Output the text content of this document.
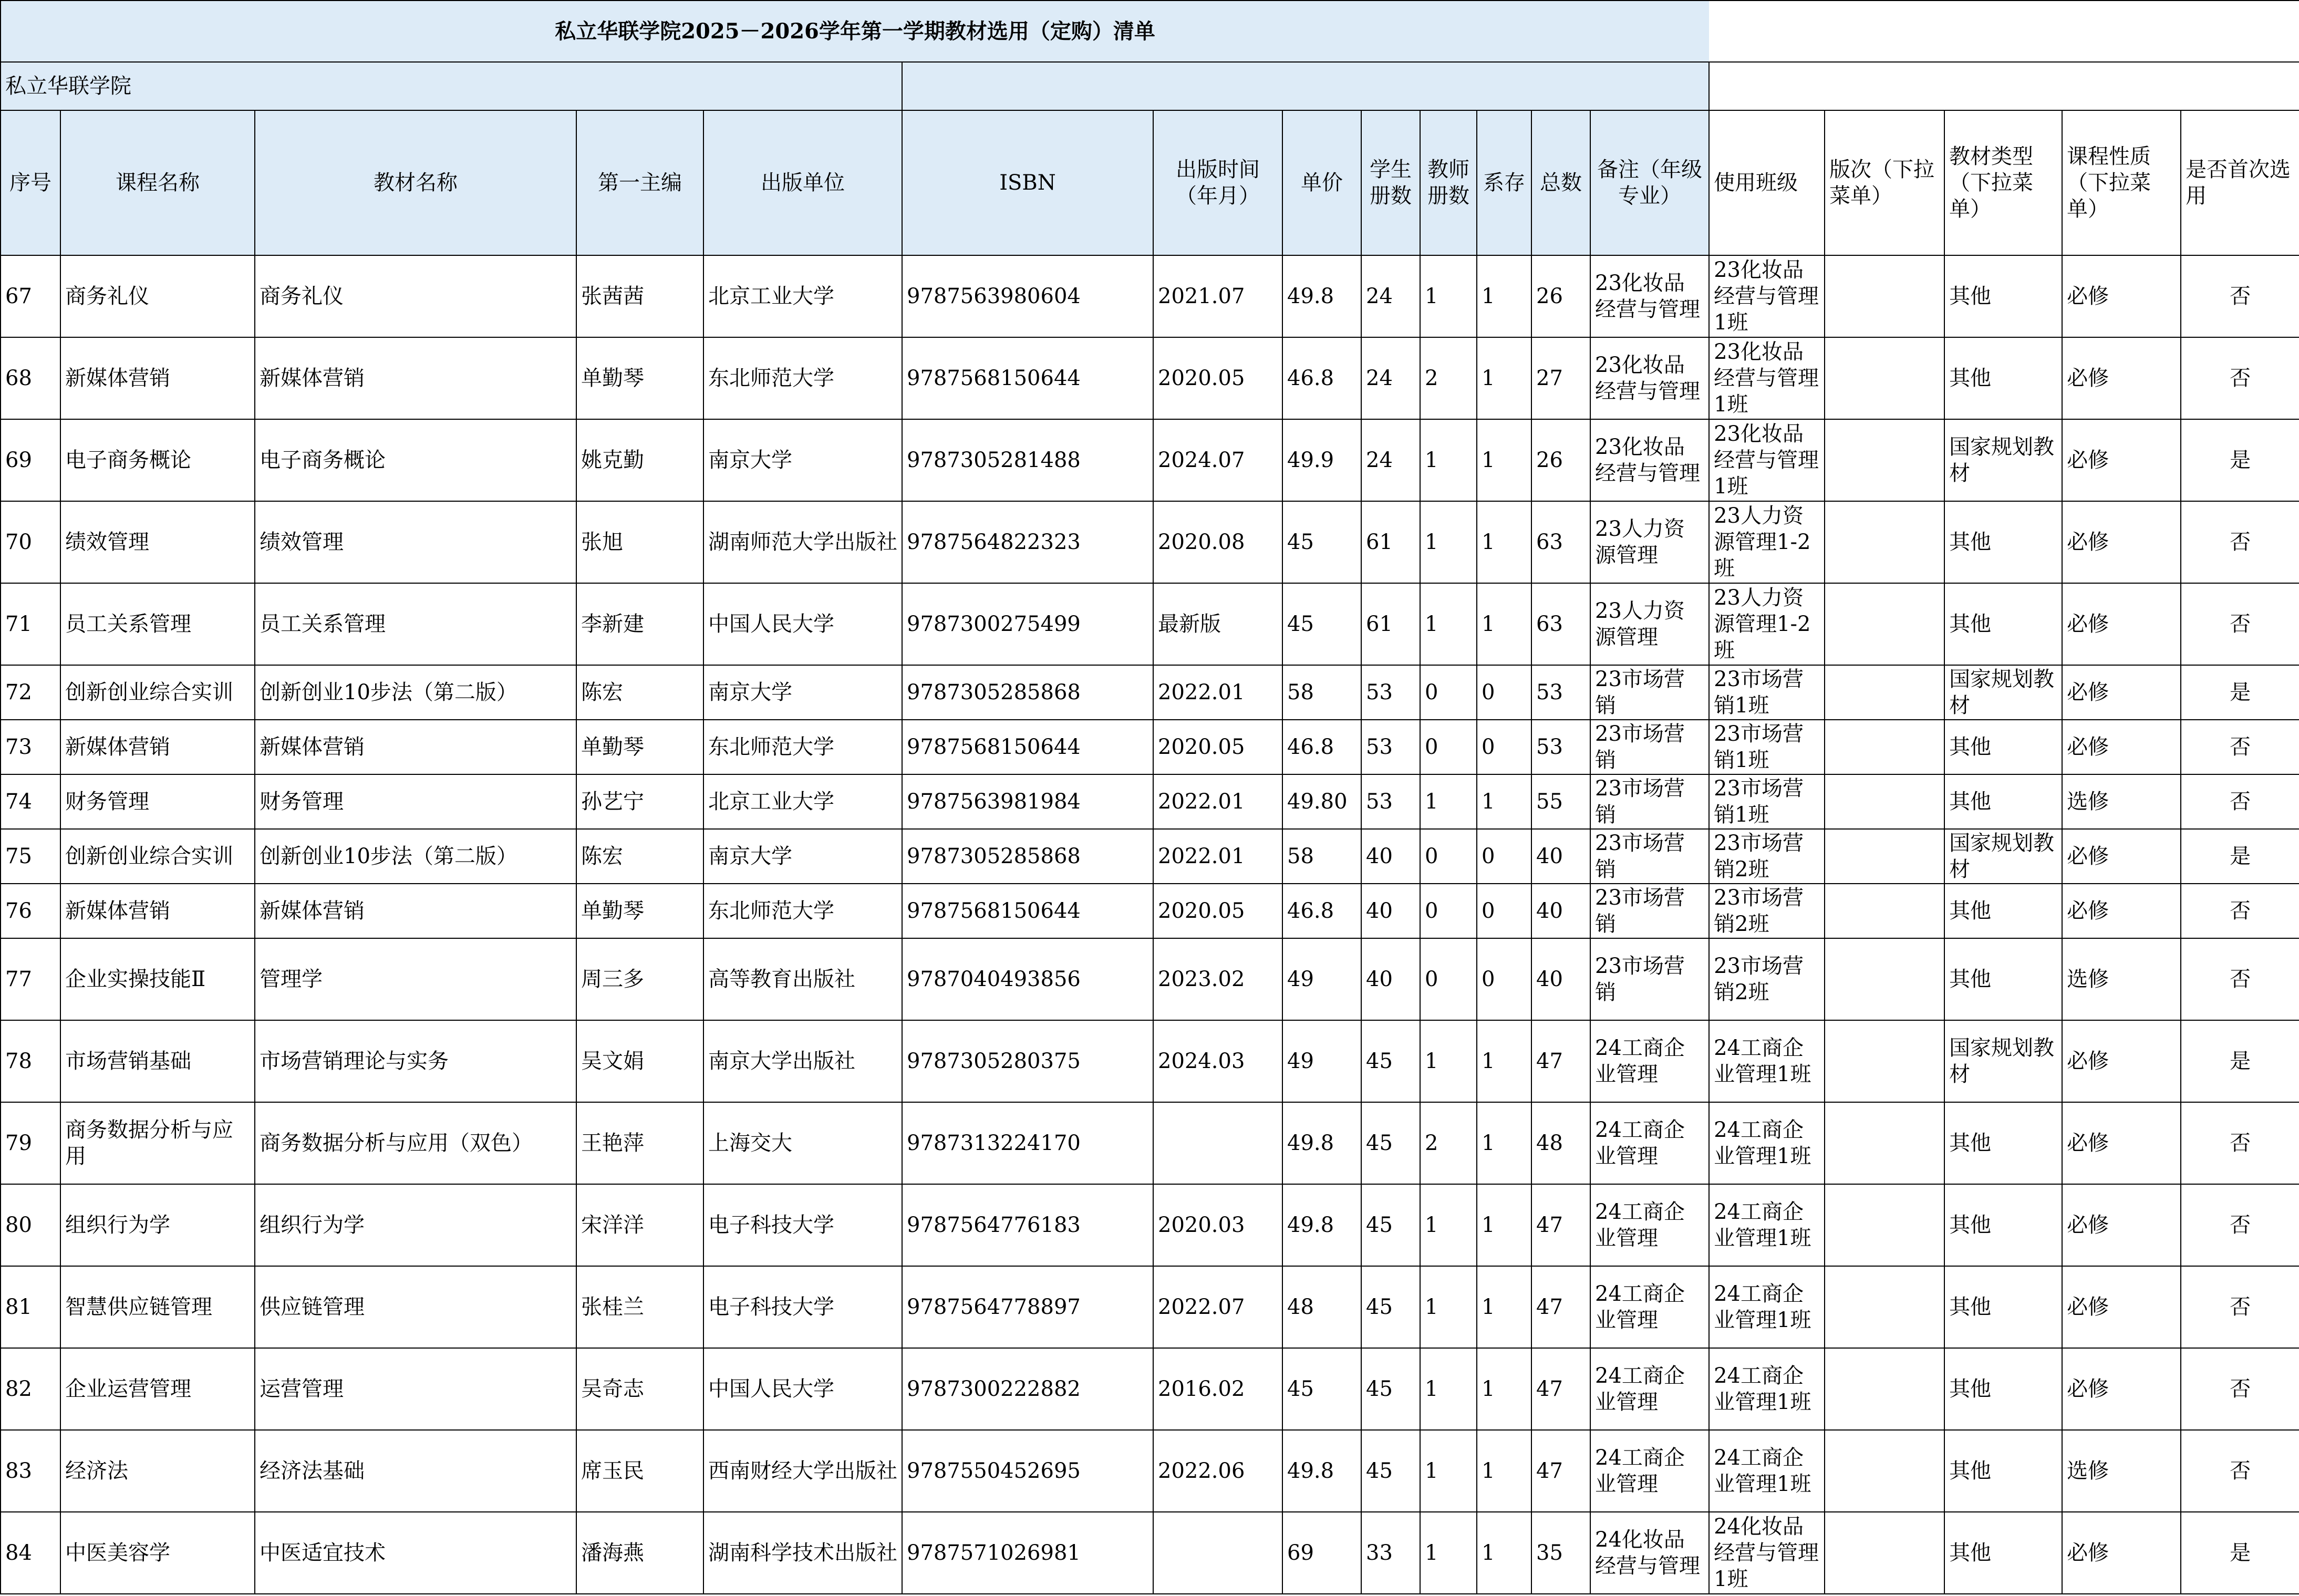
私立华联学院2025－2026学年第一学期教材选用（定购）清单																	
私立华联学院																	
序号	课程名称	教材名称	第一主编	出版单位	ISBN	出版时间（年月）	单价	学生册数	教师册数	系存	总数	备注（年级专业）	使用班级	版次（下拉菜单）	教材类型（下拉菜单）	课程性质（下拉菜单）	是否首次选用
67	商务礼仪	商务礼仪	张茜茜	北京工业大学	9787563980604	2021.07	49.8	24	1	1	26	23化妆品经营与管理	23化妆品经营与管理1班		其他	必修	否
68	新媒体营销	新媒体营销	单勤琴	东北师范大学	9787568150644	2020.05	46.8	24	2	1	27	23化妆品经营与管理	23化妆品经营与管理1班		其他	必修	否
69	电子商务概论	电子商务概论	姚克勤	南京大学	9787305281488	2024.07	49.9	24	1	1	26	23化妆品经营与管理	23化妆品经营与管理1班		国家规划教材	必修	是
70	绩效管理	绩效管理	张旭	湖南师范大学出版社	9787564822323	2020.08	45	61	1	1	63	23人力资源管理	23人力资源管理1-2班		其他	必修	否
71	员工关系管理	员工关系管理	李新建	中国人民大学	9787300275499	最新版	45	61	1	1	63	23人力资源管理	23人力资源管理1-2班		其他	必修	否
72	创新创业综合实训	创新创业10步法（第二版）	陈宏	南京大学	9787305285868	2022.01	58	53	0	0	53	23市场营销	23市场营销1班		国家规划教材	必修	是
73	新媒体营销	新媒体营销	单勤琴	东北师范大学	9787568150644	2020.05	46.8	53	0	0	53	23市场营销	23市场营销1班		其他	必修	否
74	财务管理	财务管理	孙艺宁	北京工业大学	9787563981984	2022.01	49.80	53	1	1	55	23市场营销	23市场营销1班		其他	选修	否
75	创新创业综合实训	创新创业10步法（第二版）	陈宏	南京大学	9787305285868	2022.01	58	40	0	0	40	23市场营销	23市场营销2班		国家规划教材	必修	是
76	新媒体营销	新媒体营销	单勤琴	东北师范大学	9787568150644	2020.05	46.8	40	0	0	40	23市场营销	23市场营销2班		其他	必修	否
77	企业实操技能Ⅱ	管理学	周三多	高等教育出版社	9787040493856	2023.02	49	40	0	0	40	23市场营销	23市场营销2班		其他	选修	否
78	市场营销基础	市场营销理论与实务	吴文娟	南京大学出版社	9787305280375	2024.03	49	45	1	1	47	24工商企业管理	24工商企业管理1班		国家规划教材	必修	是
79	商务数据分析与应用	商务数据分析与应用（双色）	王艳萍	上海交大	9787313224170		49.8	45	2	1	48	24工商企业管理	24工商企业管理1班		其他	必修	否
80	组织行为学	组织行为学	宋洋洋	电子科技大学	9787564776183	2020.03	49.8	45	1	1	47	24工商企业管理	24工商企业管理1班		其他	必修	否
81	智慧供应链管理	供应链管理	张桂兰	电子科技大学	9787564778897	2022.07	48	45	1	1	47	24工商企业管理	24工商企业管理1班		其他	必修	否
82	企业运营管理	运营管理	吴奇志	中国人民大学	9787300222882	2016.02	45	45	1	1	47	24工商企业管理	24工商企业管理1班		其他	必修	否
83	经济法	经济法基础	席玉民	西南财经大学出版社	9787550452695	2022.06	49.8	45	1	1	47	24工商企业管理	24工商企业管理1班		其他	选修	否
84	中医美容学	中医适宜技术	潘海燕	湖南科学技术出版社	9787571026981		69	33	1	1	35	24化妆品经营与管理	24化妆品经营与管理1班		其他	必修	是
